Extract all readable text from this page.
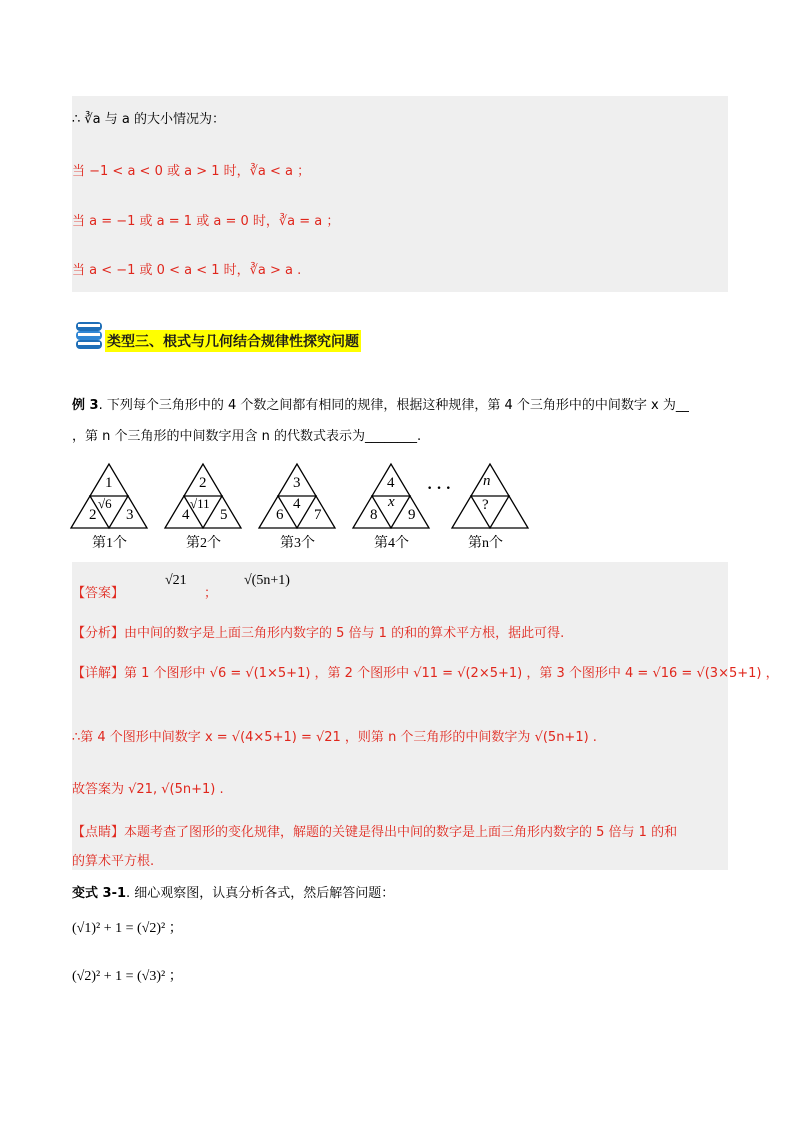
∴ ∛a 与 a 的大小情况为：
当 −1 < a < 0 或 a > 1 时，∛a < a ；
当 a = −1 或 a = 1 或 a = 0 时，∛a = a ；
当 a < −1 或 0 < a < 1 时，∛a > a .
类型三、根式与几何结合规律性探究问题
例 3. 下列每个三角形中的 4 个数之间都有相同的规律，根据这种规律，第 4 个三角形中的中间数字 x 为__
，第 n 个三角形的中间数字用含 n 的代数式表示为________.
1
√6
2 3
第1个
2
√11
4 5
第2个
3
4
6 7
第3个
4
x
8 9
第4个
· · · n
?
第n个
【答案】
√21
；
√(5n+1)
【分析】由中间的数字是上面三角形内数字的 5 倍与 1 的和的算术平方根，据此可得.
【详解】第 1 个图形中 √6 = √(1×5+1) ，第 2 个图形中 √11 = √(2×5+1) ，第 3 个图形中 4 = √16 = √(3×5+1) ，
∴第 4 个图形中间数字 x = √(4×5+1) = √21 ，则第 n 个三角形的中间数字为 √(5n+1) .
故答案为 √21, √(5n+1) .
【点睛】本题考查了图形的变化规律，解题的关键是得出中间的数字是上面三角形内数字的 5 倍与 1 的和
的算术平方根.
变式 3-1. 细心观察图，认真分析各式，然后解答问题：
(√1)² + 1 = (√2)² ；
(√2)² + 1 = (√3)² ；
